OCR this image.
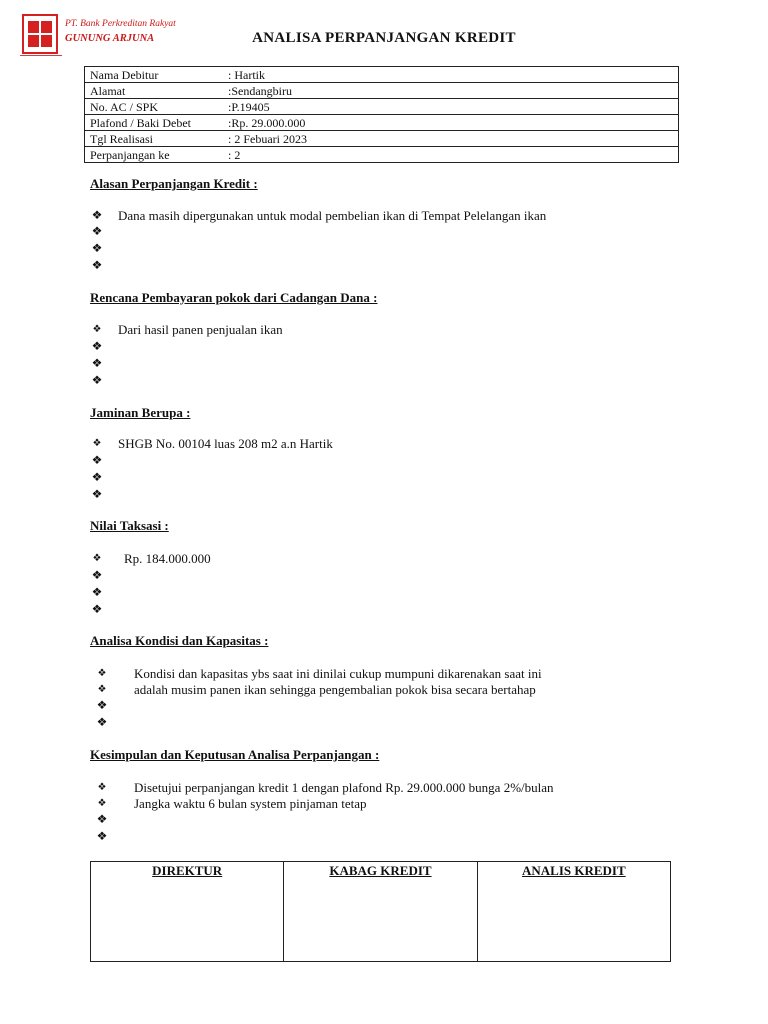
PT. Bank Perkreditan Rakyat
GUNUNG ARJUNA	ANALISA PERPANJANGAN KREDIT
Nama Debitur	: Hartik
Alamat	:Sendangbiru
No. AC / SPK	:P.19405
Plafond / Baki Debet	:Rp. 29.000.000
Tgl Realisasi	: 2 Febuari 2023
Perpanjangan ke	: 2
Alasan Perpanjangan Kredit :
❖ Dana masih dipergunakan untuk modal pembelian ikan di Tempat Pelelangan ikan
❖
❖
❖
Rencana Pembayaran pokok dari Cadangan Dana :
❖ Dari hasil panen penjualan ikan
❖
❖
❖
Jaminan Berupa :
❖ SHGB No. 00104 luas 208 m2 a.n Hartik
❖
❖
❖
Nilai Taksasi :
❖ Rp. 184.000.000
❖
❖
❖
Analisa Kondisi dan Kapasitas :
❖ Kondisi dan kapasitas ybs saat ini dinilai cukup mumpuni dikarenakan saat ini
❖ adalah musim panen ikan sehingga pengembalian pokok bisa secara bertahap
❖
❖
Kesimpulan dan Keputusan Analisa Perpanjangan :
❖ Disetujui perpanjangan kredit 1 dengan plafond Rp. 29.000.000 bunga 2%/bulan
❖ Jangka waktu 6 bulan system pinjaman tetap
❖
❖
DIREKTUR	KABAG KREDIT	ANALIS KREDIT
